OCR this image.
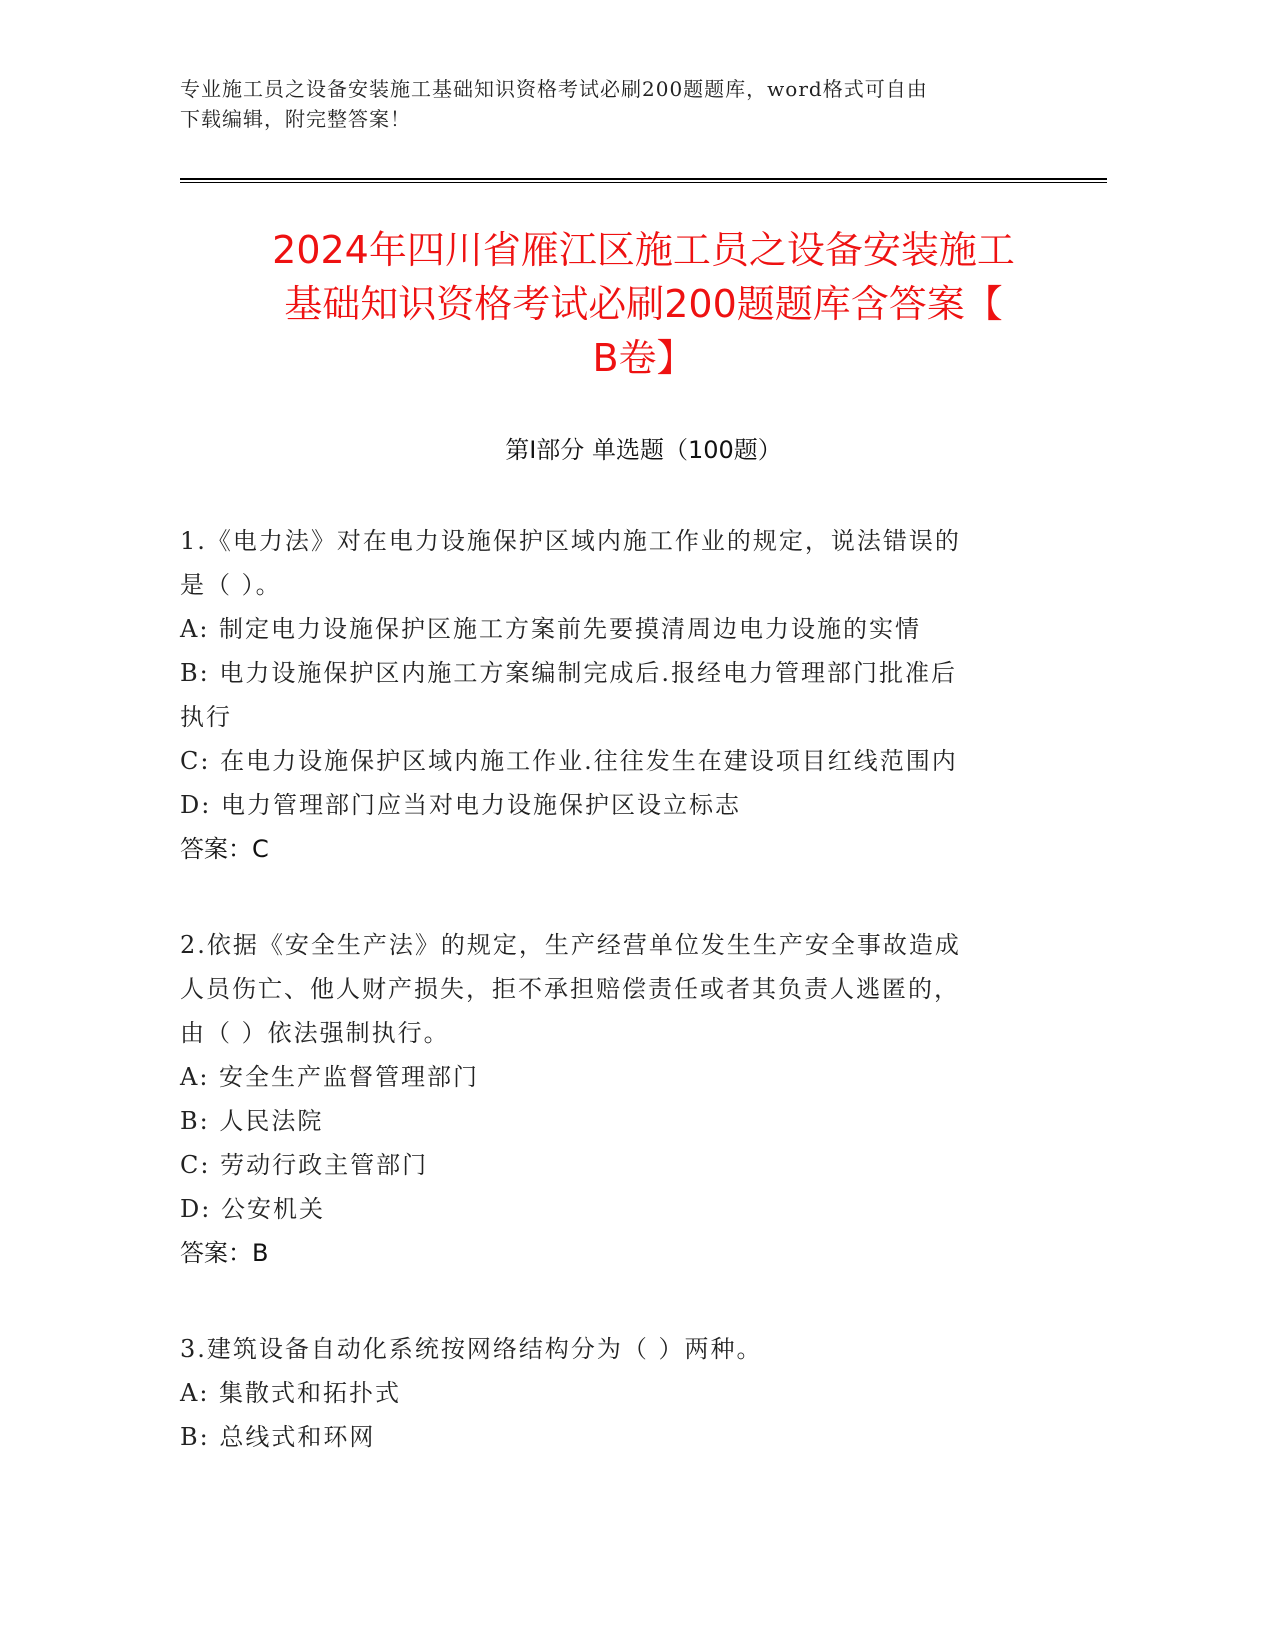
专业施工员之设备安装施工基础知识资格考试必刷200题题库，word格式可自由
下载编辑，附完整答案！
2024年四川省雁江区施工员之设备安装施工
基础知识资格考试必刷200题题库含答案【
B卷】
第I部分 单选题（100题）
1.《电力法》对在电力设施保护区域内施工作业的规定，说法错误的
是（ ）。
A: 制定电力设施保护区施工方案前先要摸清周边电力设施的实情
B: 电力设施保护区内施工方案编制完成后.报经电力管理部门批准后
执行
C: 在电力设施保护区域内施工作业.往往发生在建设项目红线范围内
D: 电力管理部门应当对电力设施保护区设立标志
答案：C
2.依据《安全生产法》的规定，生产经营单位发生生产安全事故造成
人员伤亡、他人财产损失，拒不承担赔偿责任或者其负责人逃匿的，
由（ ）依法强制执行。
A: 安全生产监督管理部门
B: 人民法院
C: 劳动行政主管部门
D: 公安机关
答案：B
3.建筑设备自动化系统按网络结构分为（ ）两种。
A: 集散式和拓扑式
B: 总线式和环网
